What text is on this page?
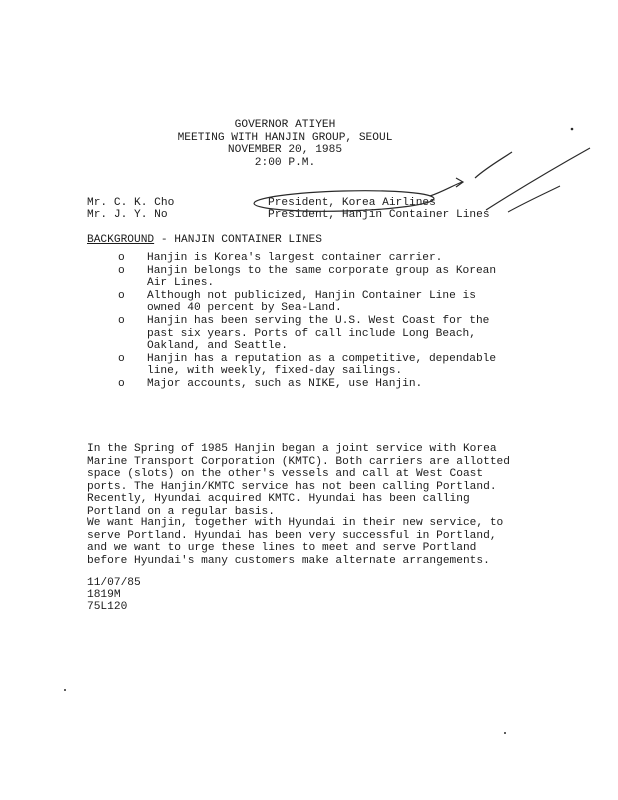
GOVERNOR ATIYEH
MEETING WITH HANJIN GROUP, SEOUL
NOVEMBER 20, 1985
2:00 P.M.
Mr. C. K. Cho
Mr. J. Y. No
President, Korea Airlines
President, Hanjin Container Lines
BACKGROUND - HANJIN CONTAINER LINES
o Hanjin is Korea's largest container carrier.
o Hanjin belongs to the same corporate group as Korean Air Lines.
o Although not publicized, Hanjin Container Line is owned 40 percent by Sea-Land.
o Hanjin has been serving the U.S. West Coast for the past six years. Ports of call include Long Beach, Oakland, and Seattle.
o Hanjin has a reputation as a competitive, dependable line, with weekly, fixed-day sailings.
o Major accounts, such as NIKE, use Hanjin.
In the Spring of 1985 Hanjin began a joint service with Korea
Marine Transport Corporation (KMTC). Both carriers are allotted
space (slots) on the other's vessels and call at West Coast
ports. The Hanjin/KMTC service has not been calling Portland.
Recently, Hyundai acquired KMTC. Hyundai has been calling
Portland on a regular basis.
We want Hanjin, together with Hyundai in their new service, to
serve Portland. Hyundai has been very successful in Portland,
and we want to urge these lines to meet and serve Portland
before Hyundai's many customers make alternate arrangements.
11/07/85
1819M
75L120
